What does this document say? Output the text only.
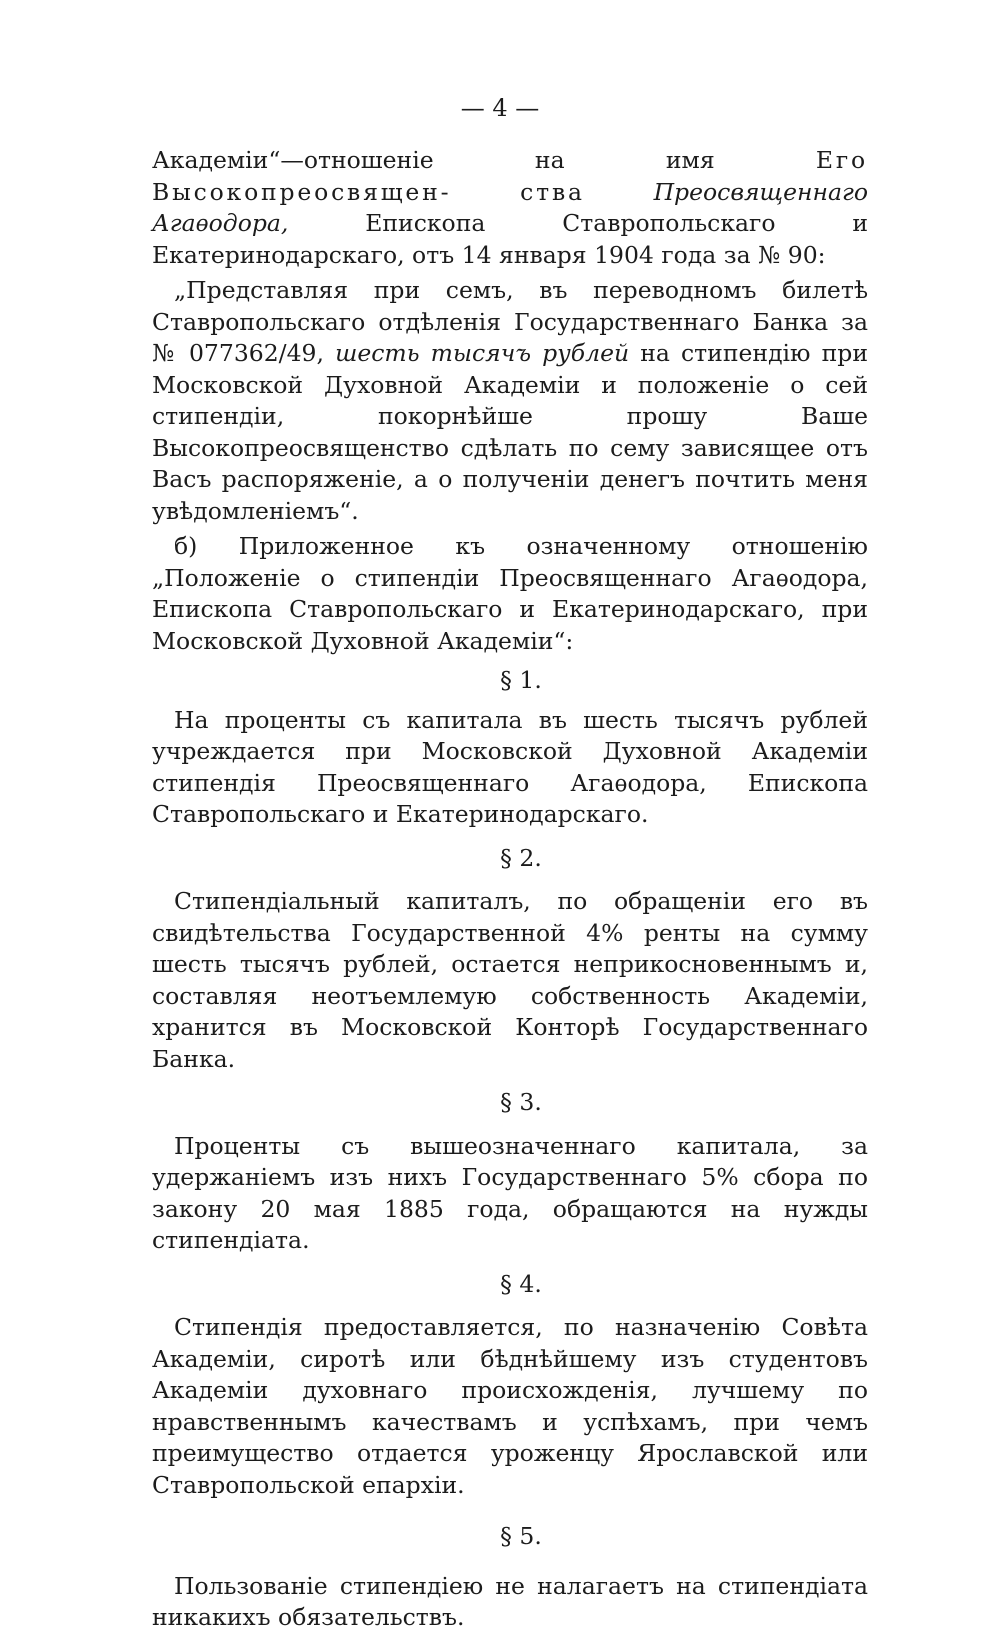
— 4 —

Академіи“—отношеніе на имя Его Высокопреосвящен-	ства	Преосвященнаго Агаѳодора, Епископа Ставропольскаго и Екатеринодарскаго, отъ 14 января 1904 года за № 90:

„Представляя при семъ, въ переводномъ билетѣ Ставропольскаго отдѣленія Государственнаго Банка за № 077362/49, шесть тысячъ рублей на стипендію при Московской Духовной Академіи и положеніе о сей стипендіи, покорнѣйше прошу Ваше Высокопреосвященство сдѣлать по сему зависящее отъ Васъ распоряженіе, а о полученіи денегъ почтить меня увѣдомленіемъ“.

б) Приложенное къ означенному отношенію „Положеніе о стипендіи Преосвященнаго Агаѳодора, Епископа Ставропольскаго и Екатеринодарскаго, при Московской Духовной Академіи“:

§ 1.

На проценты съ капитала въ шесть тысячъ рублей учреждается при Московской Духовной Академіи стипендія Преосвященнаго Агаѳодора, Епископа Ставропольскаго и Екатеринодарскаго.

§ 2.

Стипендіальный капиталъ, по обращеніи его въ свидѣтельства Государственной 4% ренты на сумму шесть тысячъ рублей, остается неприкосновеннымъ и, составляя неотъемлемую собственность Академіи, хранится въ Московской Конторѣ Государственнаго Банка.

§ 3.

Проценты съ вышеозначеннаго капитала, за удержаніемъ изъ нихъ Государственнаго 5% сбора по закону 20 мая 1885 года, обращаются на нужды стипендіата.

§ 4.

Стипендія предоставляется, по назначенію Совѣта Академіи, сиротѣ или бѣднѣйшему изъ студентовъ Академіи духовнаго происхожденія, лучшему по нравственнымъ качествамъ и успѣхамъ, при чемъ преимущество отдается уроженцу Ярославской или Ставропольской епархіи.

§ 5.

Пользованіе стипендіею не налагаетъ на стипендіата никакихъ обязательствъ.
